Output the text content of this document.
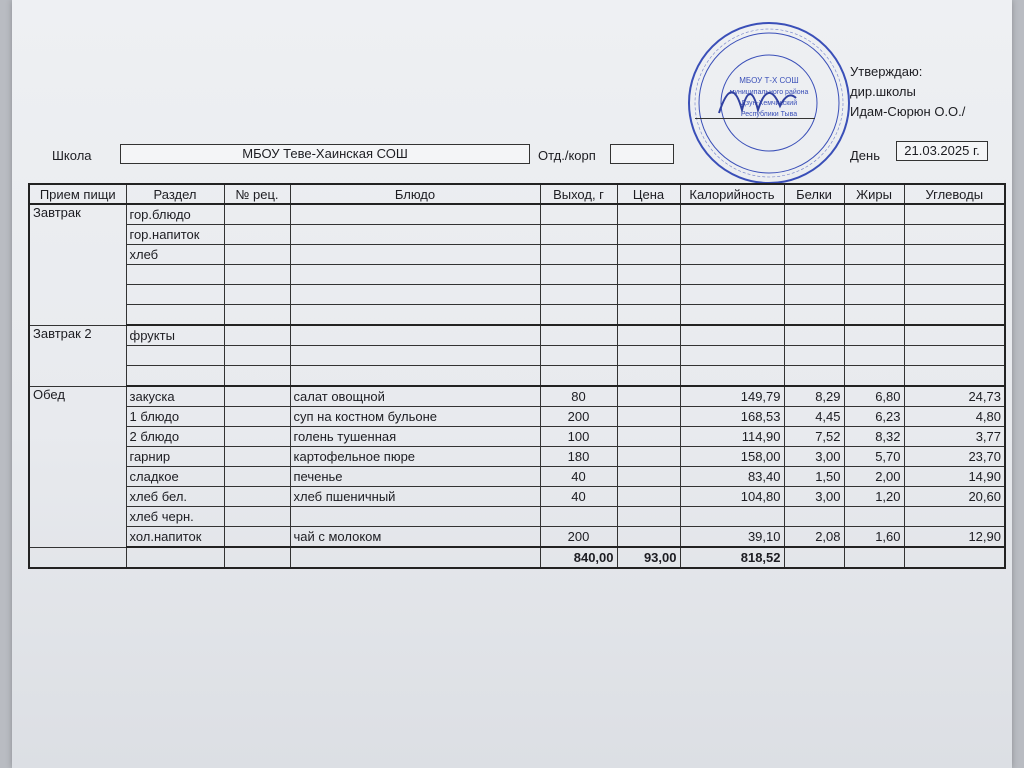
МБОУ Т-Х СОШ
муниципального района
Дзун-Хемчикский
Республики Тыва
Утверждаю:
дир.школы
Идам-Сюрюн О.О./
Школа	МБОУ Теве-Хаинская СОШ	Отд./корп	День	21.03.2025 г.
Прием пищи	Раздел	№ рец.	Блюдо	Выход, г	Цена	Калорийность	Белки	Жиры	Углеводы
Завтрак	гор.блюдо								
	гор.напиток								
	хлеб								

Завтрак 2	фрукты								

Обед	закуска		салат овощной	80		149,79	8,29	6,80	24,73
	1 блюдо		суп на костном бульоне	200		168,53	4,45	6,23	4,80
	2 блюдо		голень тушенная	100		114,90	7,52	8,32	3,77
	гарнир		картофельное пюре	180		158,00	3,00	5,70	23,70
	сладкое		печенье	40		83,40	1,50	2,00	14,90
	хлеб бел.		хлеб пшеничный	40		104,80	3,00	1,20	20,60
	хлеб черн.								
	хол.напиток		чай с молоком	200		39,10	2,08	1,60	12,90
				840,00	93,00	818,52			
